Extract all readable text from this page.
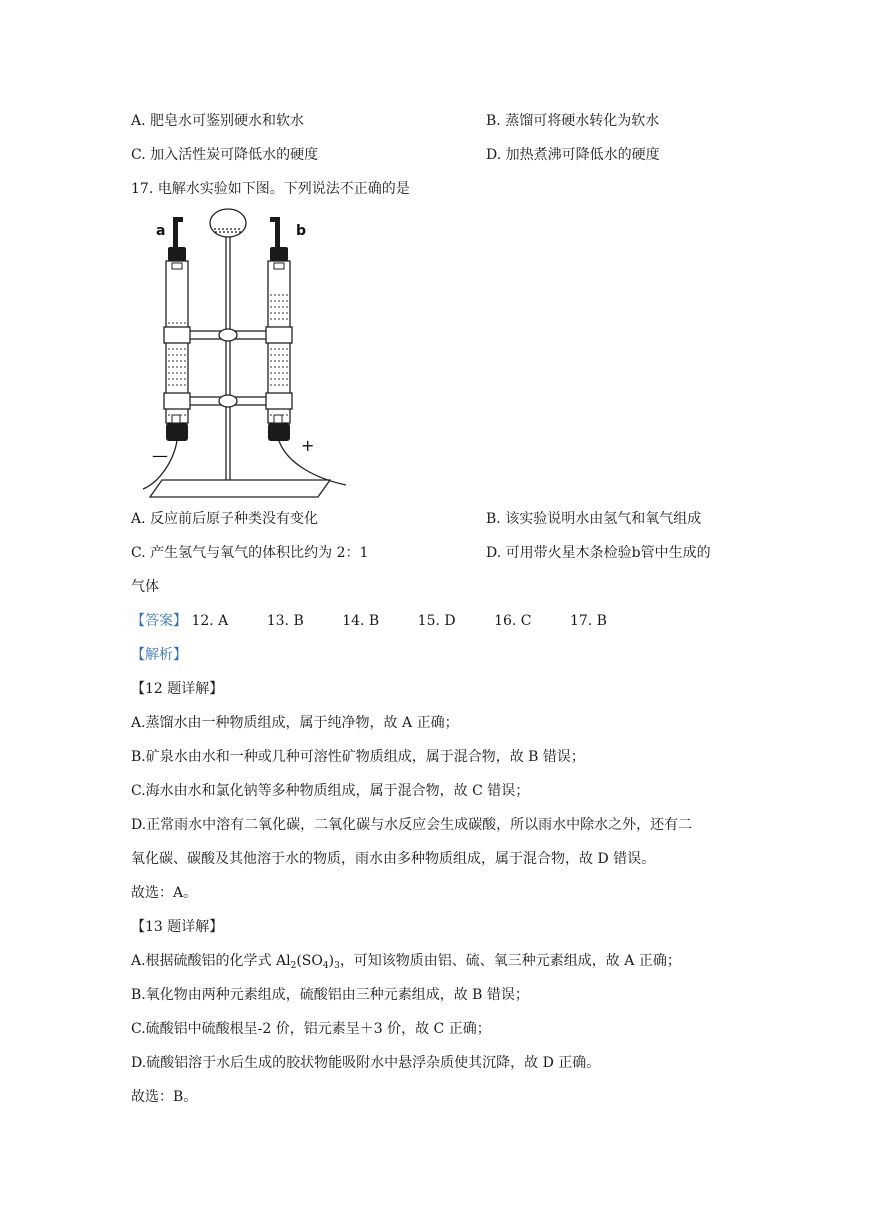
A. 肥皂水可鉴别硬水和软水	B. 蒸馏可将硬水转化为软水
C. 加入活性炭可降低水的硬度	D. 加热煮沸可降低水的硬度
17. 电解水实验如下图。下列说法不正确的是
a	b
—
+
A. 反应前后原子种类没有变化	B. 该实验说明水由氢气和氧气组成
C. 产生氢气与氧气的体积比约为 2：1	D. 可用带火星木条检验b管中生成的
气体
【答案】 12. A	13. B	14. B	15. D	16. C	17. B
【解析】
【12 题详解】
A.蒸馏水由一种物质组成，属于纯净物，故 A 正确；
B.矿泉水由水和一种或几种可溶性矿物质组成，属于混合物，故 B 错误；
C.海水由水和氯化钠等多种物质组成，属于混合物，故 C 错误；
D.正常雨水中溶有二氧化碳，二氧化碳与水反应会生成碳酸，所以雨水中除水之外，还有二
氧化碳、碳酸及其他溶于水的物质，雨水由多种物质组成，属于混合物，故 D 错误。
故选：A。
【13 题详解】
A.根据硫酸铝的化学式 $Al_2(SO_4)_3$，可知该物质由铝、硫、氧三种元素组成，故 A 正确；
B.氧化物由两种元素组成，硫酸铝由三种元素组成，故 B 错误；
C.硫酸铝中硫酸根呈-2 价，铝元素呈＋3 价，故 C 正确；
D.硫酸铝溶于水后生成的胶状物能吸附水中悬浮杂质使其沉降，故 D 正确。
故选：B。
